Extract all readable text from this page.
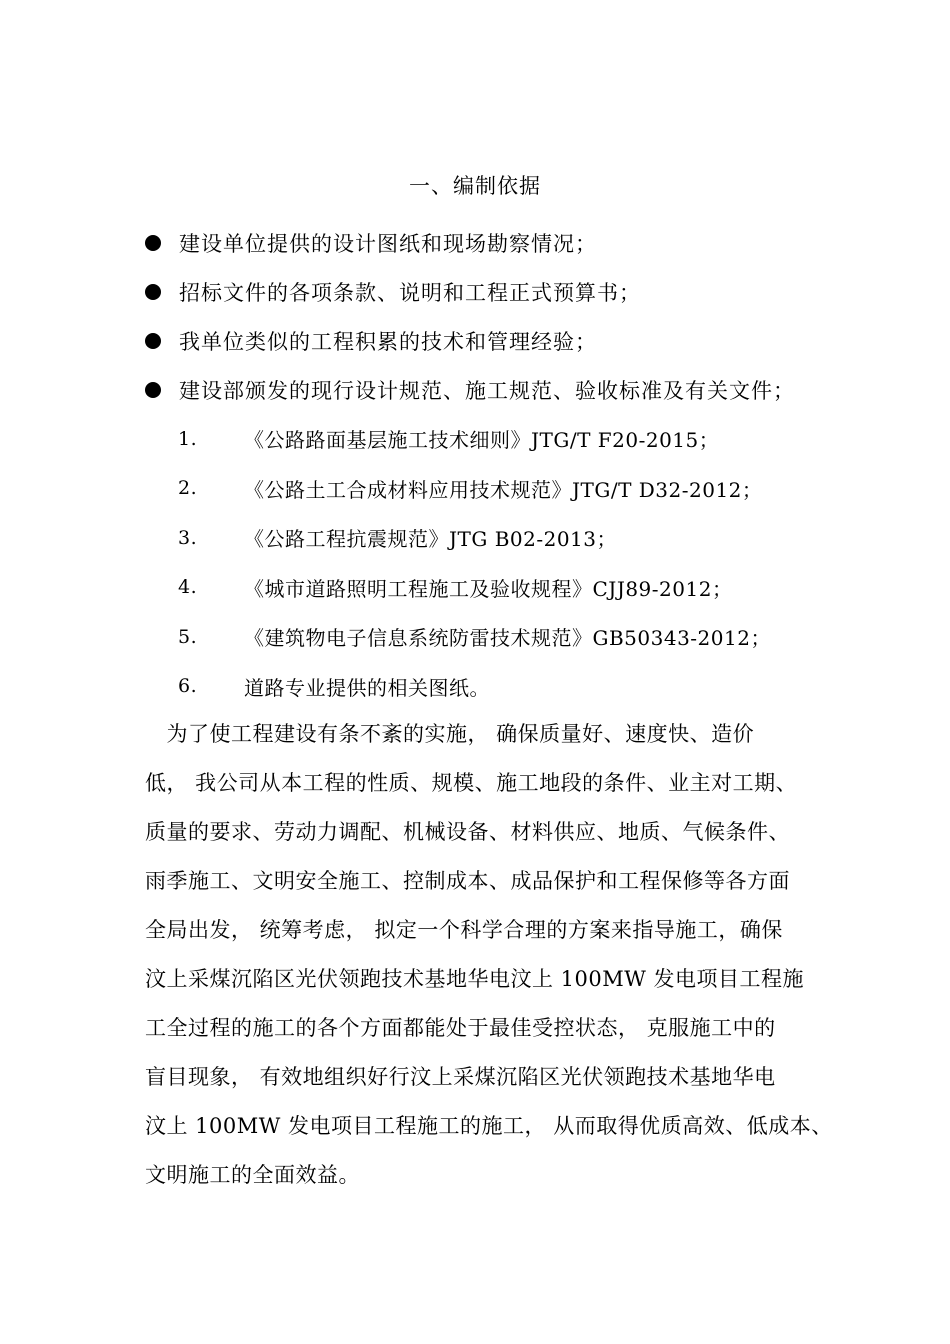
一、编制依据
建设单位提供的设计图纸和现场勘察情况；
招标文件的各项条款、说明和工程正式预算书；
我单位类似的工程积累的技术和管理经验；
建设部颁发的现行设计规范、施工规范、验收标准及有关文件；
1.	《公路路面基层施工技术细则》JTG/T F20-2015；
2.	《公路土工合成材料应用技术规范》JTG/T D32-2012；
3.	《公路工程抗震规范》JTG B02-2013；
4.	《城市道路照明工程施工及验收规程》CJJ89-2012；
5.	《建筑物电子信息系统防雷技术规范》GB50343-2012；
6.	道路专业提供的相关图纸。
　为了使工程建设有条不紊的实施， 确保质量好、速度快、造价
低， 我公司从本工程的性质、规模、施工地段的条件、业主对工期、
质量的要求、劳动力调配、机械设备、材料供应、地质、气候条件、
雨季施工、文明安全施工、控制成本、成品保护和工程保修等各方面
全局出发， 统筹考虑， 拟定一个科学合理的方案来指导施工，确保
汶上采煤沉陷区光伏领跑技术基地华电汶上 100MW 发电项目工程施
工全过程的施工的各个方面都能处于最佳受控状态， 克服施工中的
盲目现象， 有效地组织好行汶上采煤沉陷区光伏领跑技术基地华电
汶上 100MW 发电项目工程施工的施工， 从而取得优质高效、低成本、
文明施工的全面效益。
